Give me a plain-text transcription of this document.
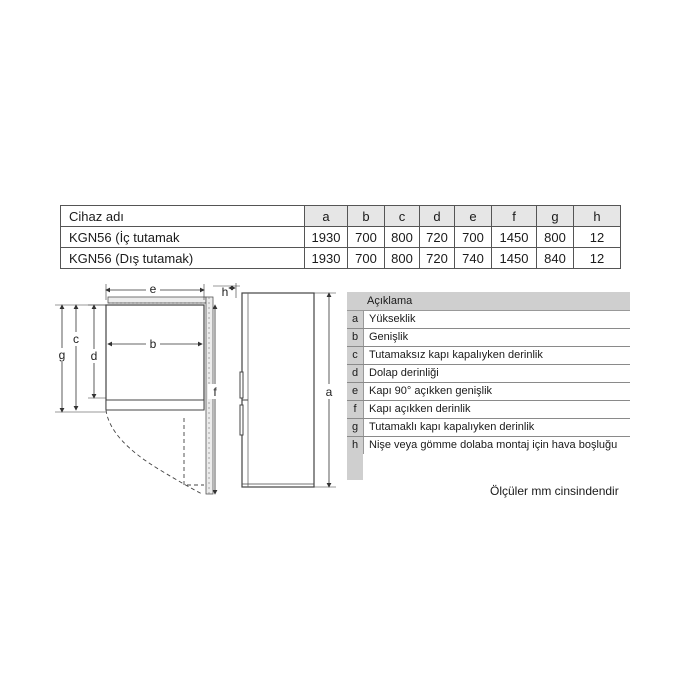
Cihaz adı	a	b	c	d	e	f	g	h
KGN56 (İç tutamak	1930	700	800	720	700	1450	800	12
KGN56 (Dış tutamak)	1930	700	800	720	740	1450	840	12
e
b
h
f
g
c
d
a
Açıklama
a Yükseklik
b Genişlik
c	Tutamaksız kapı kapalıyken derinlik
d Dolap derinliği
e Kapı 90° açıkken genişlik
f	Kapı açıkken derinlik
g Tutamaklı kapı kapalıyken derinlik
h Nişe veya gömme dolaba montaj için hava boşluğu
Ölçüler mm cinsindendir
